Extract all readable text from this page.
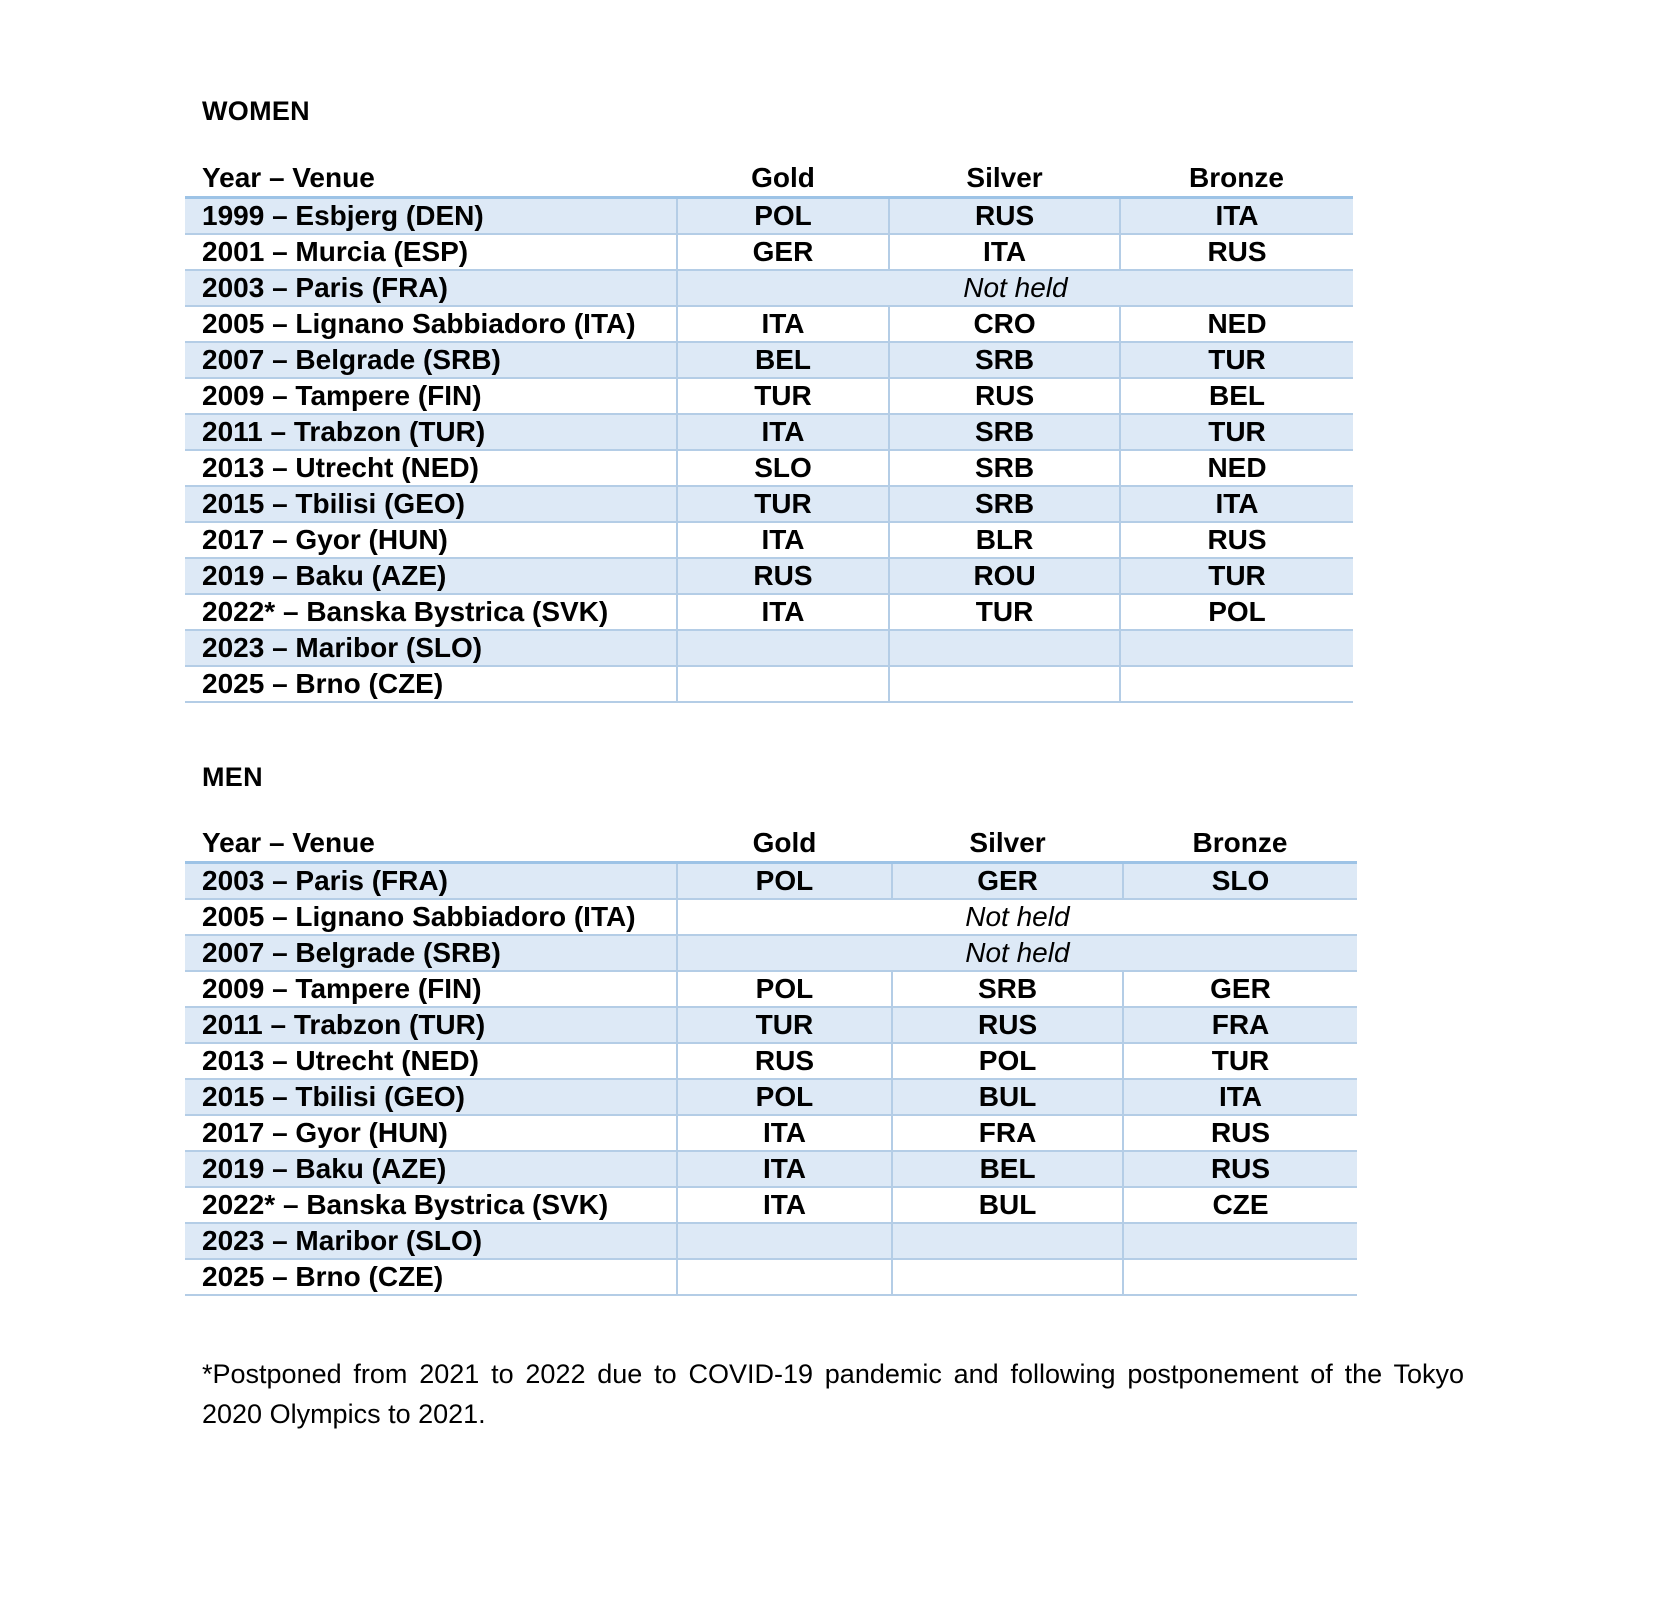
WOMEN
Year – Venue	Gold	Silver	Bronze
1999 – Esbjerg (DEN)	POL	RUS	ITA
2001 – Murcia (ESP)	GER	ITA	RUS
2003 – Paris (FRA)	Not held		
2005 – Lignano Sabbiadoro (ITA)	ITA	CRO	NED
2007 – Belgrade (SRB)	BEL	SRB	TUR
2009 – Tampere (FIN)	TUR	RUS	BEL
2011 – Trabzon (TUR)	ITA	SRB	TUR
2013 – Utrecht (NED)	SLO	SRB	NED
2015 – Tbilisi (GEO)	TUR	SRB	ITA
2017 – Gyor (HUN)	ITA	BLR	RUS
2019 – Baku (AZE)	RUS	ROU	TUR
2022* – Banska Bystrica (SVK)	ITA	TUR	POL
2023 – Maribor (SLO)			
2025 – Brno (CZE)			
MEN
Year – Venue	Gold	Silver	Bronze
2003 – Paris (FRA)	POL	GER	SLO
2005 – Lignano Sabbiadoro (ITA)	Not held		
2007 – Belgrade (SRB)	Not held		
2009 – Tampere (FIN)	POL	SRB	GER
2011 – Trabzon (TUR)	TUR	RUS	FRA
2013 – Utrecht (NED)	RUS	POL	TUR
2015 – Tbilisi (GEO)	POL	BUL	ITA
2017 – Gyor (HUN)	ITA	FRA	RUS
2019 – Baku (AZE)	ITA	BEL	RUS
2022* – Banska Bystrica (SVK)	ITA	BUL	CZE
2023 – Maribor (SLO)			
2025 – Brno (CZE)			
*Postponed from 2021 to 2022 due to COVID-19 pandemic and following postponement of the Tokyo 2020 Olympics to 2021.
